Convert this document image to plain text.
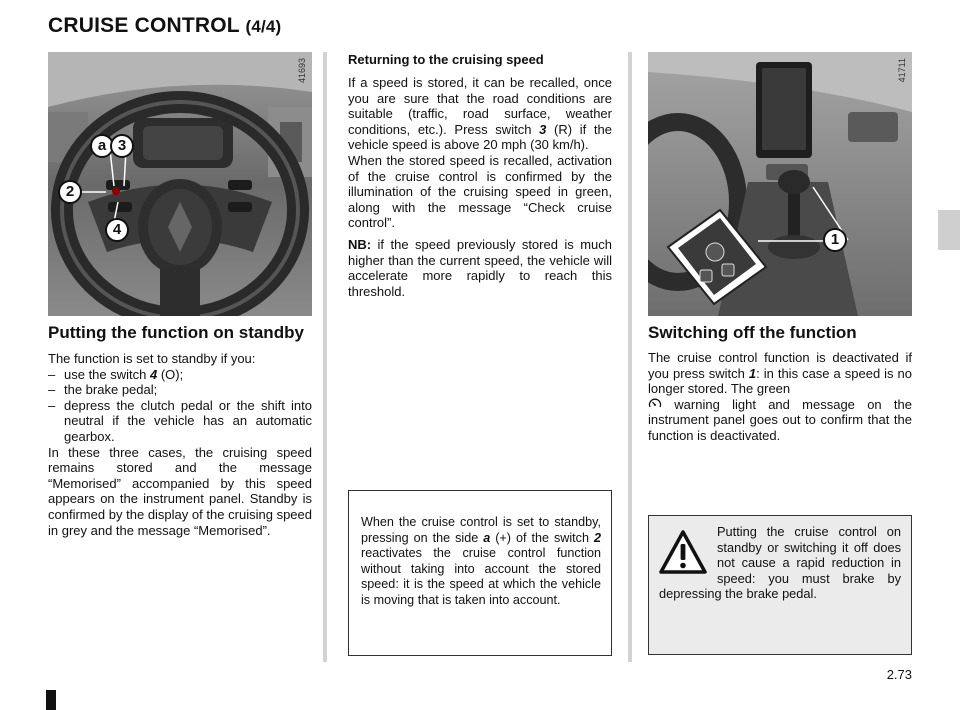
CRUISE CONTROL (4/4)
41693
a 3
2
4
41711
1
Putting the function on standby
The function is set to standby if you:
– use the switch 4 (O);
– the brake pedal;
– depress the clutch pedal or the shift into neutral if the vehicle has an automatic gearbox.
In these three cases, the cruising speed remains stored and the message “Memorised” accompanied by this speed appears on the instrument panel. Standby is confirmed by the display of the cruising speed in grey and the message “Memorised”.
Returning to the cruising speed

If a speed is stored, it can be recalled, once you are sure that the road conditions are suitable (traffic, road surface, weather conditions, etc.). Press switch 3 (R) if the vehicle speed is above 20 mph (30 km/h).
When the stored speed is recalled, activation of the cruise control is confirmed by the illumination of the cruising speed in green, along with the message “Check cruise control”.

NB: if the speed previously stored is much higher than the current speed, the vehicle will accelerate more rapidly to reach this threshold.

When the cruise control is set to standby, pressing on the side a (+) of the switch 2 reactivates the cruise control function without taking into account the stored speed: it is the speed at which the vehicle is moving that is taken into account.
Switching off the function
The cruise control function is deactivated if you press switch 1: in this case a speed is no longer stored. The green
warning light and message on the instrument panel goes out to confirm that the function is deactivated.
Putting the cruise control on standby or switching it off does not cause a rapid reduction in speed: you must brake by depressing the brake pedal.
2.73
